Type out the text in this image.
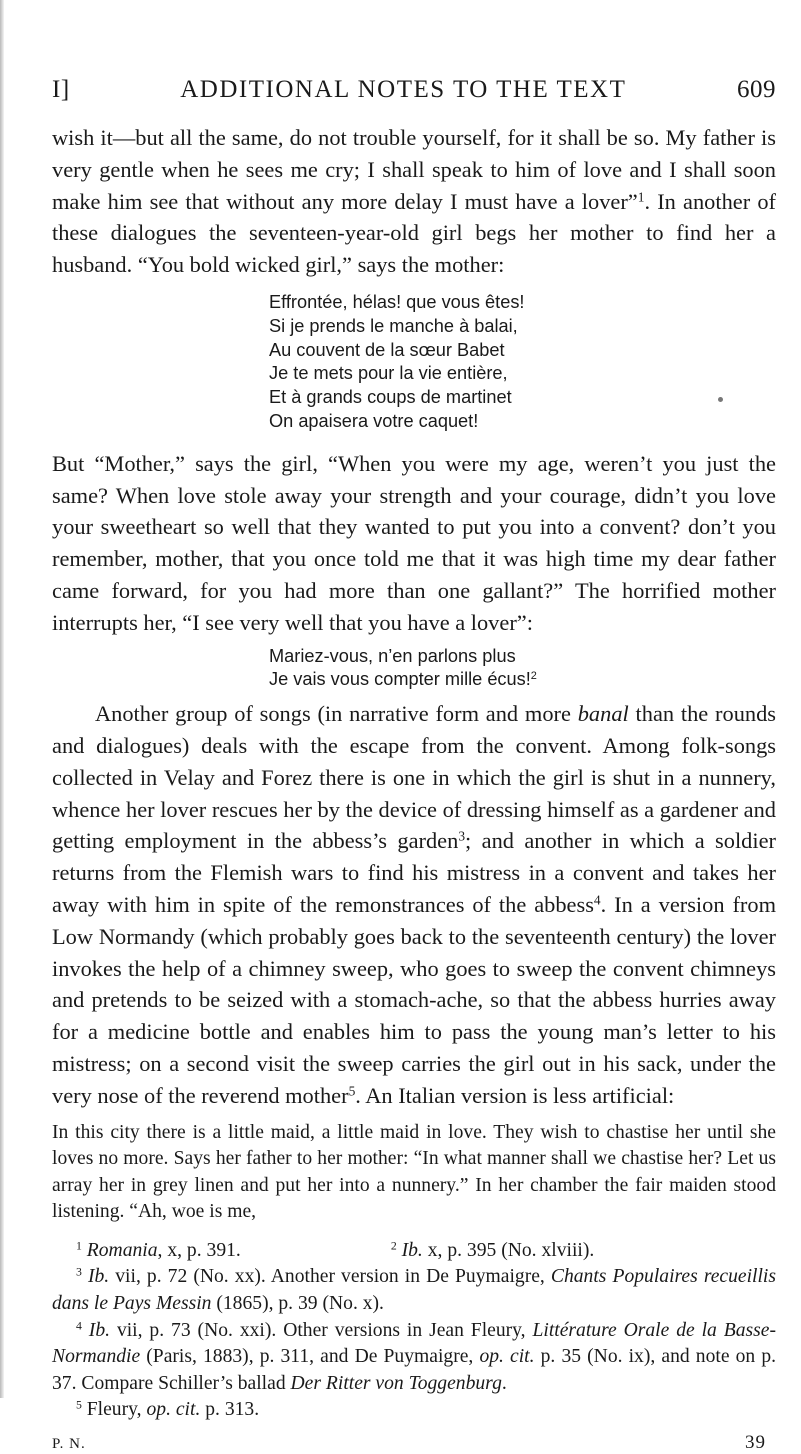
I]	ADDITIONAL NOTES TO THE TEXT	609

wish it—but all the same, do not trouble yourself, for it shall be so. My father is very gentle when he sees me cry; I shall speak to him of love and I shall soon make him see that without any more delay I must have a lover”$^1$. In another of these dialogues the seventeen-year-old girl begs her mother to find her a husband. “You bold wicked girl,” says the mother:

Effrontée, hélas! que vous êtes!
Si je prends le manche à balai,
Au couvent de la sœur Babet
Je te mets pour la vie entière,
Et à grands coups de martinet
On apaisera votre caquet!

But “Mother,” says the girl, “When you were my age, weren’t you just the same? When love stole away your strength and your courage, didn’t you love your sweetheart so well that they wanted to put you into a convent? don’t you remember, mother, that you once told me that it was high time my dear father came forward, for you had more than one gallant?” The horrified mother interrupts her, “I see very well that you have a lover”:

Mariez-vous, n’en parlons plus
Je vais vous compter mille écus!$^2$

Another group of songs (in narrative form and more banal than the rounds and dialogues) deals with the escape from the convent. Among folk-songs collected in Velay and Forez there is one in which the girl is shut in a nunnery, whence her lover rescues her by the device of dressing himself as a gardener and getting employment in the abbess’s garden$^3$; and another in which a soldier returns from the Flemish wars to find his mistress in a convent and takes her away with him in spite of the remonstrances of the abbess$^4$. In a version from Low Normandy (which probably goes back to the seventeenth century) the lover invokes the help of a chimney sweep, who goes to sweep the convent chimneys and pretends to be seized with a stomach-ache, so that the abbess hurries away for a medicine bottle and enables him to pass the young man’s letter to his mistress; on a second visit the sweep carries the girl out in his sack, under the very nose of the reverend mother$^5$. An Italian version is less artificial:

In this city there is a little maid, a little maid in love. They wish to chastise her until she loves no more. Says her father to her mother: “In what manner shall we chastise her? Let us array her in grey linen and put her into a nunnery.” In her chamber the fair maiden stood listening. “Ah, woe is me,

$^1$ Romania, x, p. 391.	$^2$ Ib. x, p. 395 (No. xlviii).

$^3$ Ib. vii, p. 72 (No. xx). Another version in De Puymaigre, Chants Populaires recueillis dans le Pays Messin (1865), p. 39 (No. x).

$^4$ Ib. vii, p. 73 (No. xxi). Other versions in Jean Fleury, Littérature Orale de la Basse-Normandie (Paris, 1883), p. 311, and De Puymaigre, op. cit. p. 35 (No. ix), and note on p. 37. Compare Schiller’s ballad Der Ritter von Toggenburg.

$^5$ Fleury, op. cit. p. 313.

P. N.	39
